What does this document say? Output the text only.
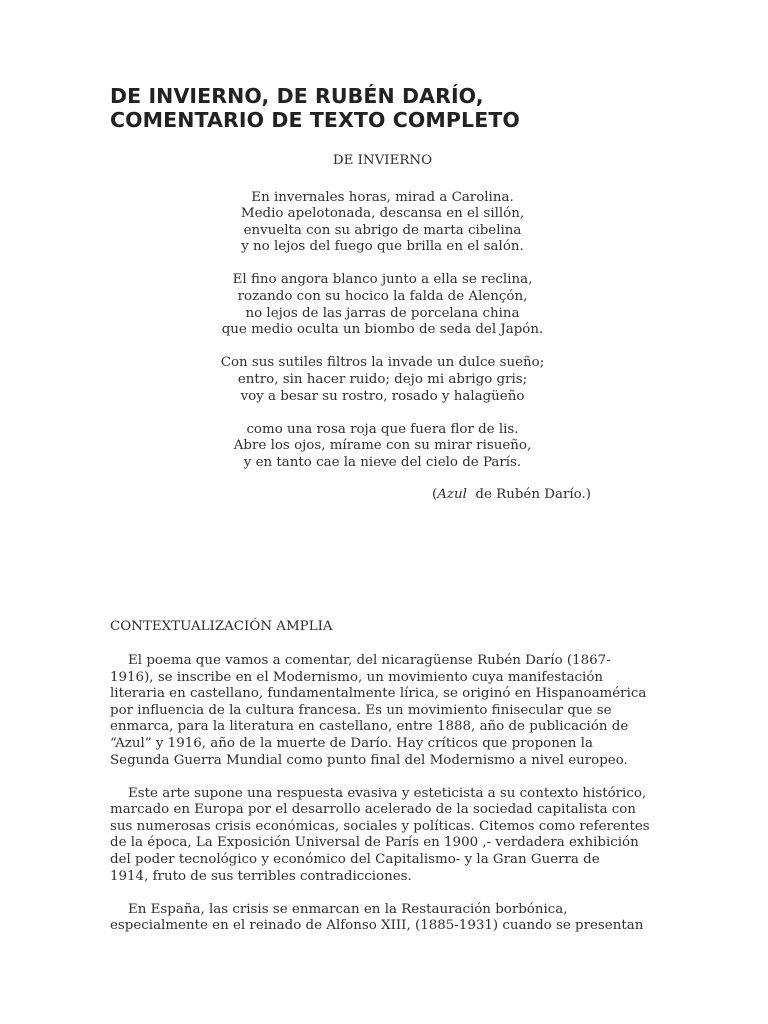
DE INVIERNO, DE RUBÉN DARÍO,
COMENTARIO DE TEXTO COMPLETO
DE INVIERNO
En invernales horas, mirad a Carolina.
Medio apelotonada, descansa en el sillón,
envuelta con su abrigo de marta cibelina
y no lejos del fuego que brilla en el salón.
El fino angora blanco junto a ella se reclina,
rozando con su hocico la falda de Alençón,
no lejos de las jarras de porcelana china
que medio oculta un biombo de seda del Japón.
Con sus sutiles filtros la invade un dulce sueño;
entro, sin hacer ruido; dejo mi abrigo gris;
voy a besar su rostro, rosado y halagüeño
como una rosa roja que fuera flor de lis.
Abre los ojos, mírame con su mirar risueño,
y en tanto cae la nieve del cielo de París.
(Azul  de Rubén Darío.)
CONTEXTUALIZACIÓN AMPLIA

El poema que vamos a comentar, del nicaragüense Rubén Darío (1867-
1916), se inscribe en el Modernismo, un movimiento cuya manifestación
literaria en castellano, fundamentalmente lírica, se originó en Hispanoamérica
por influencia de la cultura francesa. Es un movimiento finisecular que se
enmarca, para la literatura en castellano, entre 1888, año de publicación de
“Azul” y 1916, año de la muerte de Darío. Hay críticos que proponen la
Segunda Guerra Mundial como punto final del Modernismo a nivel europeo.

Este arte supone una respuesta evasiva y esteticista a su contexto histórico,
marcado en Europa por el desarrollo acelerado de la sociedad capitalista con
sus numerosas crisis económicas, sociales y políticas. Citemos como referentes
de la época, La Exposición Universal de París en 1900 ,- verdadera exhibición
del poder tecnológico y económico del Capitalismo- y la Gran Guerra de
1914, fruto de sus terribles contradicciones.

En España, las crisis se enmarcan en la Restauración borbónica,
especialmente en el reinado de Alfonso XIII, (1885-1931) cuando se presentan
